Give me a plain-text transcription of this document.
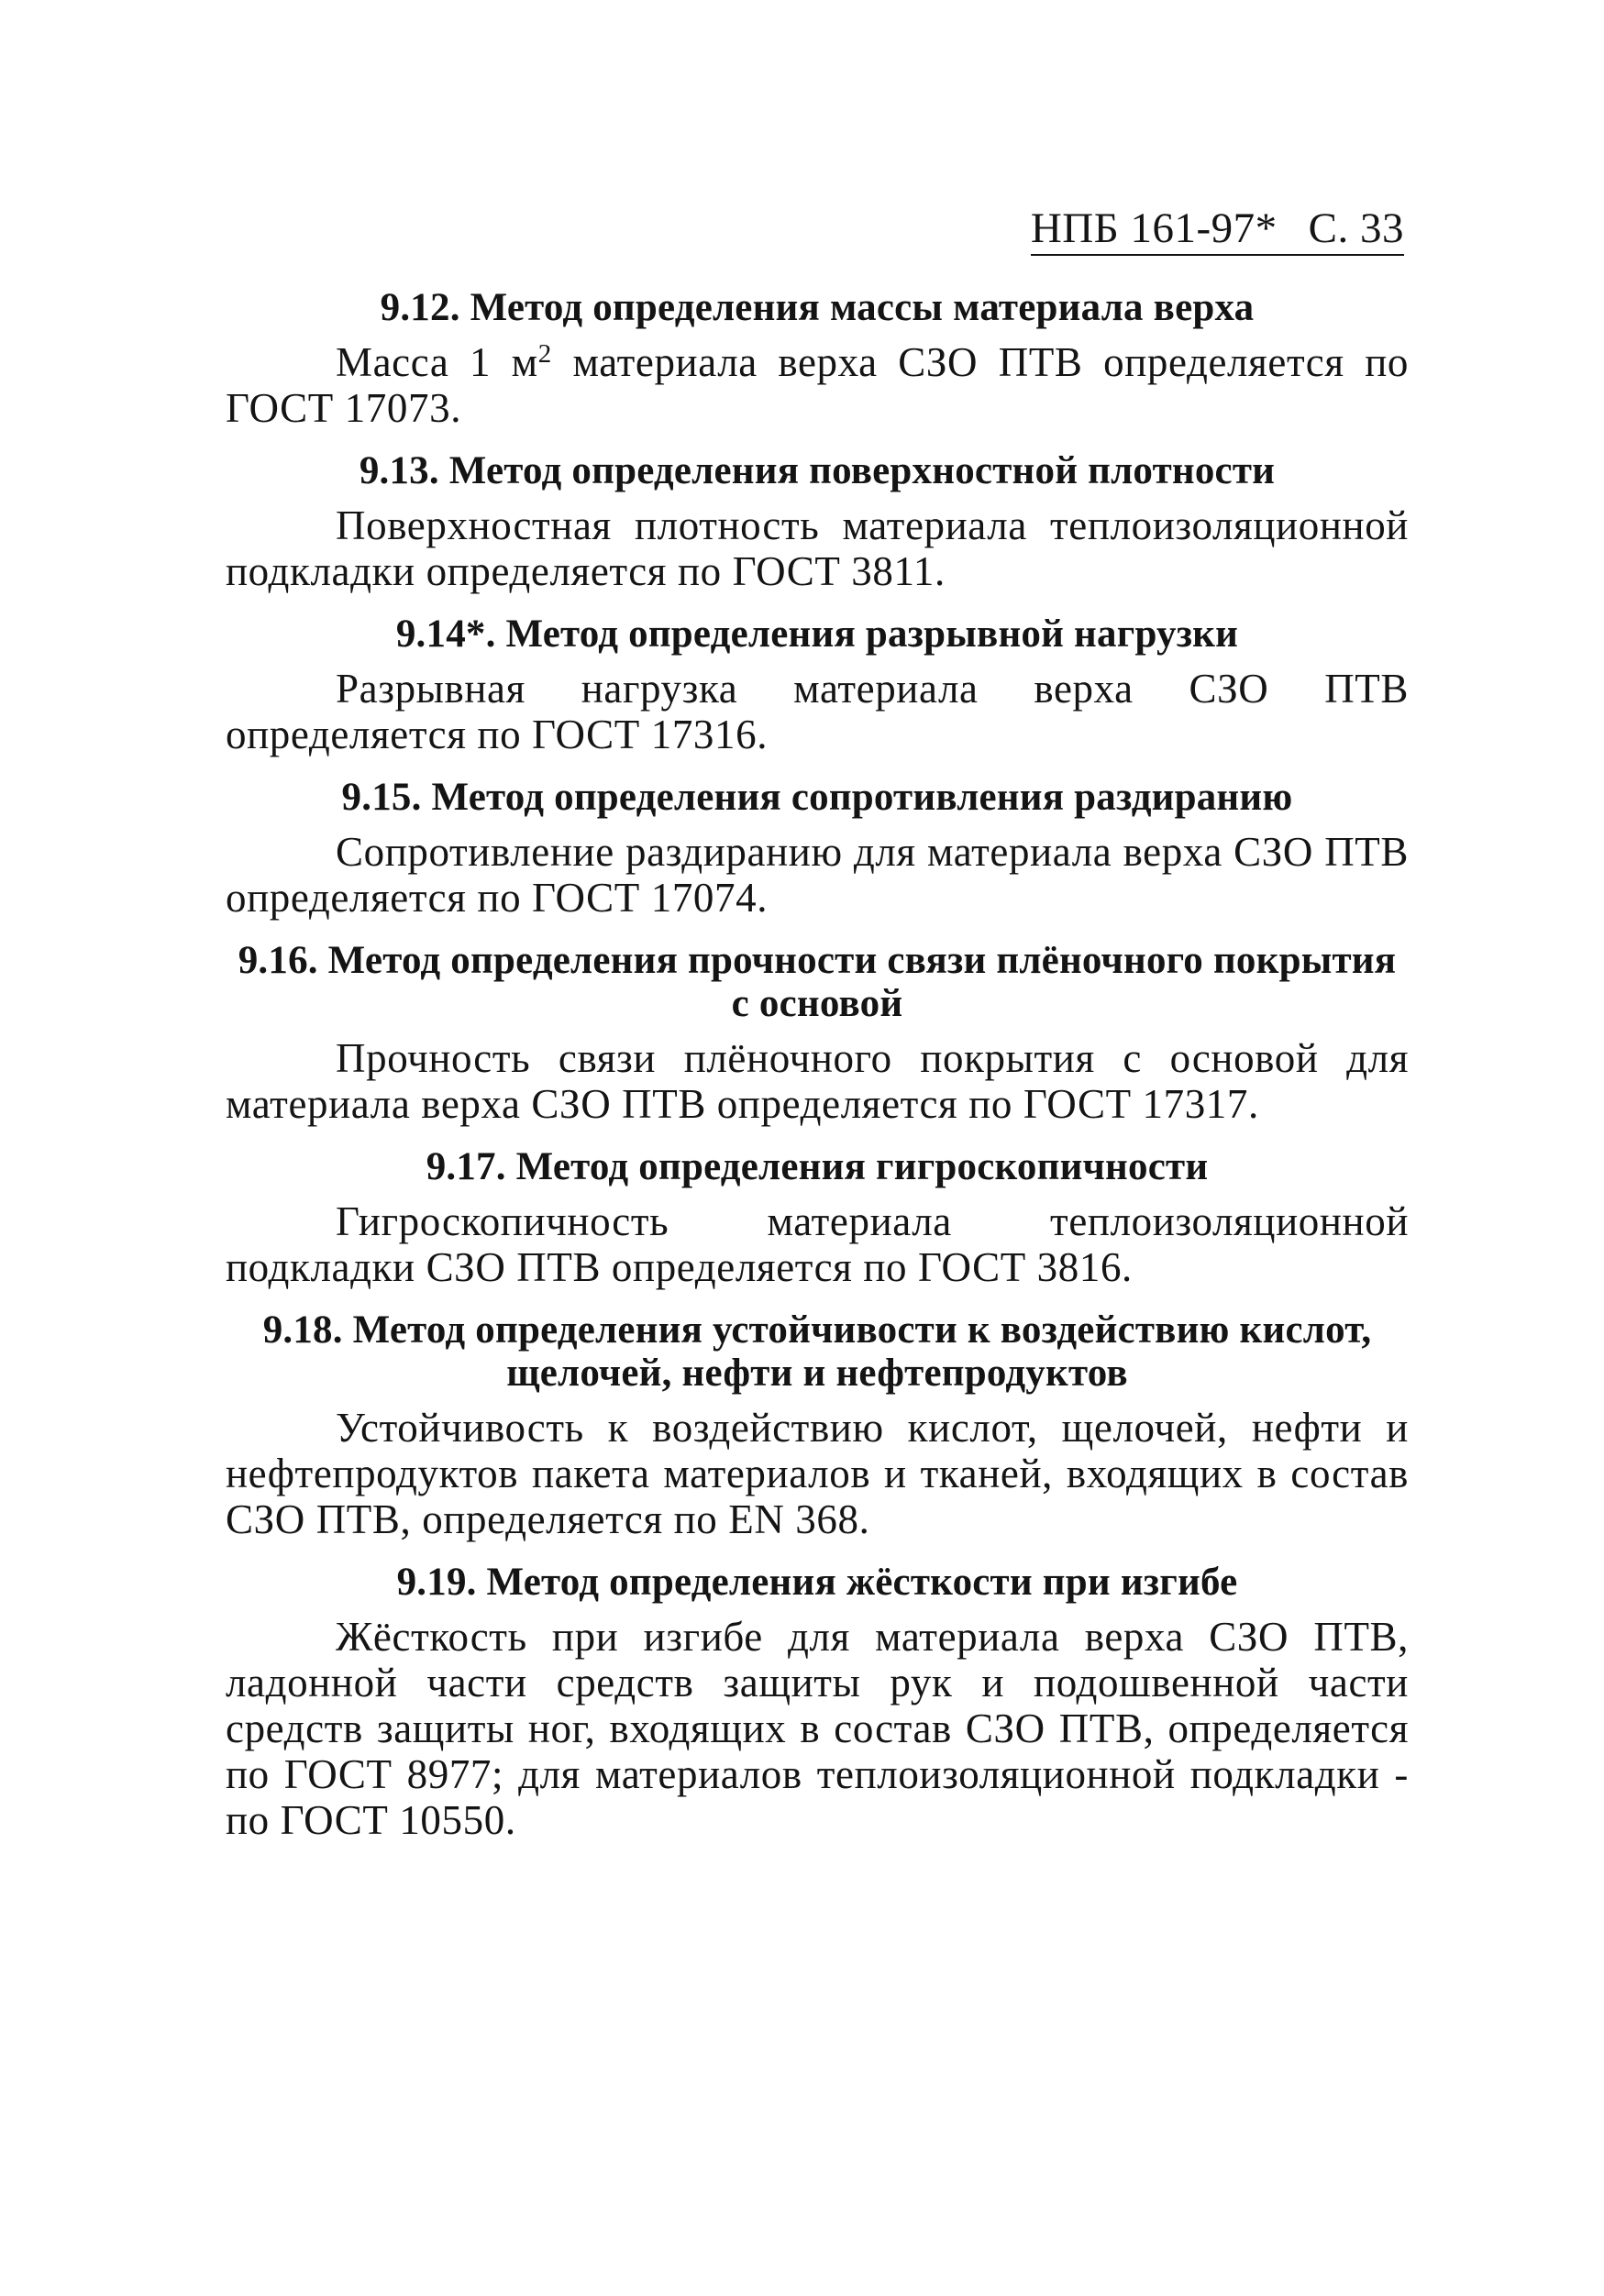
НПБ 161-97* С. 33
9.12. Метод определения массы материала верха

Масса 1 $м^2$ материала верха СЗО ПТВ определяется по ГОСТ 17073.

9.13. Метод определения поверхностной плотности

Поверхностная плотность материала теплоизоляционной подкладки определяется по ГОСТ 3811.

9.14*. Метод определения разрывной нагрузки

Разрывная нагрузка материала верха СЗО ПТВ определяется по ГОСТ 17316.

9.15. Метод определения сопротивления раздиранию

Сопротивление раздиранию для материала верха СЗО ПТВ определяется по ГОСТ 17074.

9.16. Метод определения прочности связи плёночного покрытия
с основой

Прочность связи плёночного покрытия с основой для материала верха СЗО ПТВ определяется по ГОСТ 17317.

9.17. Метод определения гигроскопичности

Гигроскопичность материала теплоизоляционной подкладки СЗО ПТВ определяется по ГОСТ 3816.

9.18. Метод определения устойчивости к воздействию кислот,
щелочей, нефти и нефтепродуктов

Устойчивость к воздействию кислот, щелочей, нефти и нефтепродуктов пакета материалов и тканей, входящих в состав СЗО ПТВ, определяется по EN 368.

9.19. Метод определения жёсткости при изгибе

Жёсткость при изгибе для материала верха СЗО ПТВ, ладонной части средств защиты рук и подошвенной части средств защиты ног, входящих в состав СЗО ПТВ, определяется по ГОСТ 8977; для материалов теплоизоляционной подкладки - по ГОСТ 10550.
